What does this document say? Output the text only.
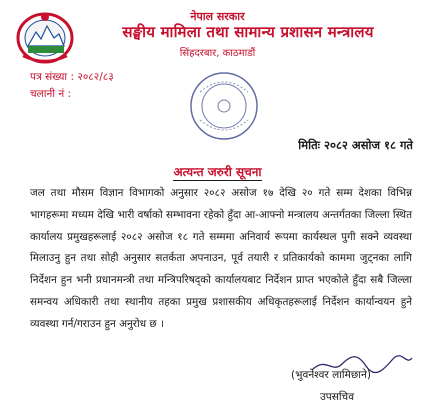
नेपाल सरकार
सङ्घीय मामिला तथा सामान्य प्रशासन मन्त्रालय
सिंहदरबार, काठमाडौं
पत्र संख्या : २०८२/८३
चलानी नं :
मितिः २०८२ असोज १८ गते
अत्यन्त जरुरी सूचना

जल तथा मौसम विज्ञान विभागको अनुसार २०८२ असोज १७ देखि २० गते सम्म देशका विभिन्न भागहरूमा मध्यम देखि भारी वर्षाको सम्भावना रहेको हुँदा आ-आफ्नो मन्त्रालय अन्तर्गतका जिल्ला स्थित कार्यालय प्रमुखहरूलाई २०८२ असोज १८ गते सम्ममा अनिवार्य रूपमा कार्यस्थल पुगी सक्ने व्यवस्था मिलाउनु हुन तथा सोही अनुसार सतर्कता अपनाउन, पूर्व तयारी र प्रतिकार्यको काममा जुट्नका लागि निर्देशन हुन भनी प्रधानमन्त्री तथा मन्त्रिपरिषद्को कार्यालयबाट निर्देशन प्राप्त भएकोले हुँदा सबै जिल्ला समन्वय अधिकारी तथा स्थानीय तहका प्रमुख प्रशासकीय अधिकृतहरूलाई निर्देशन कार्यान्वयन हुने व्यवस्था गर्न/गराउन हुन अनुरोध छ ।

(भुवनेश्वर लामिछाने)
उपसचिव
